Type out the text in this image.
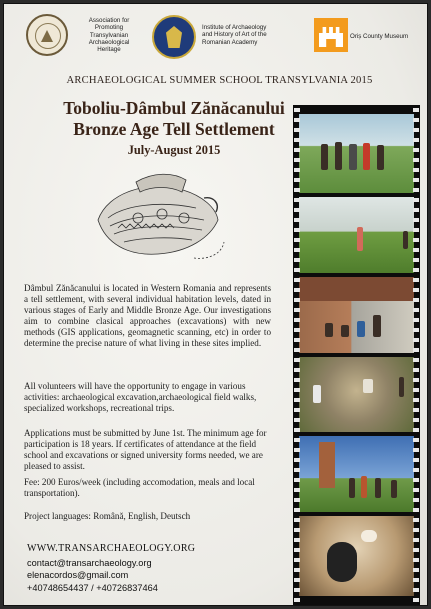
Association for
Promoting
Transylvanian
Archaeological
Heritage
Institute of Archaeology
and History of Art of the
Romanian Academy
Oriș County Museum
ARCHAEOLOGICAL SUMMER SCHOOL TRANSYLVANIA 2015
Toboliu-Dâmbul Zănăcanului
Bronze Age Tell Settlement
July-August 2015
Dâmbul Zănăcanului is located in Western Romania and represents a tell settlement, with several individual habitation levels, dated in various stages of Early and Middle Bronze Age. Our investigations aim to combine clasical approaches (excavations) with new methods (GIS applications, geomagnetic scanning, etc) in order to determine the precise nature of what living in these sites implied.
All volunteers will have the opportunity to engage in various activities: archaeological excavation,archaeological field walks, specialized workshops, recreational trips.
Applications must be submitted by June 1st. The minimum age for participation is 18 years. If certificates of attendance at the field school and excavations or signed university forms needed, we are pleased to assist.
Fee: 200 Euros/week (including accomodation, meals and local transportation).
Project languages: Română, English, Deutsch
WWW.TRANSARCHAEOLOGY.ORG
contact@transarchaeology.org
elenacordos@gmail.com
+40748654437 / +40726837464
